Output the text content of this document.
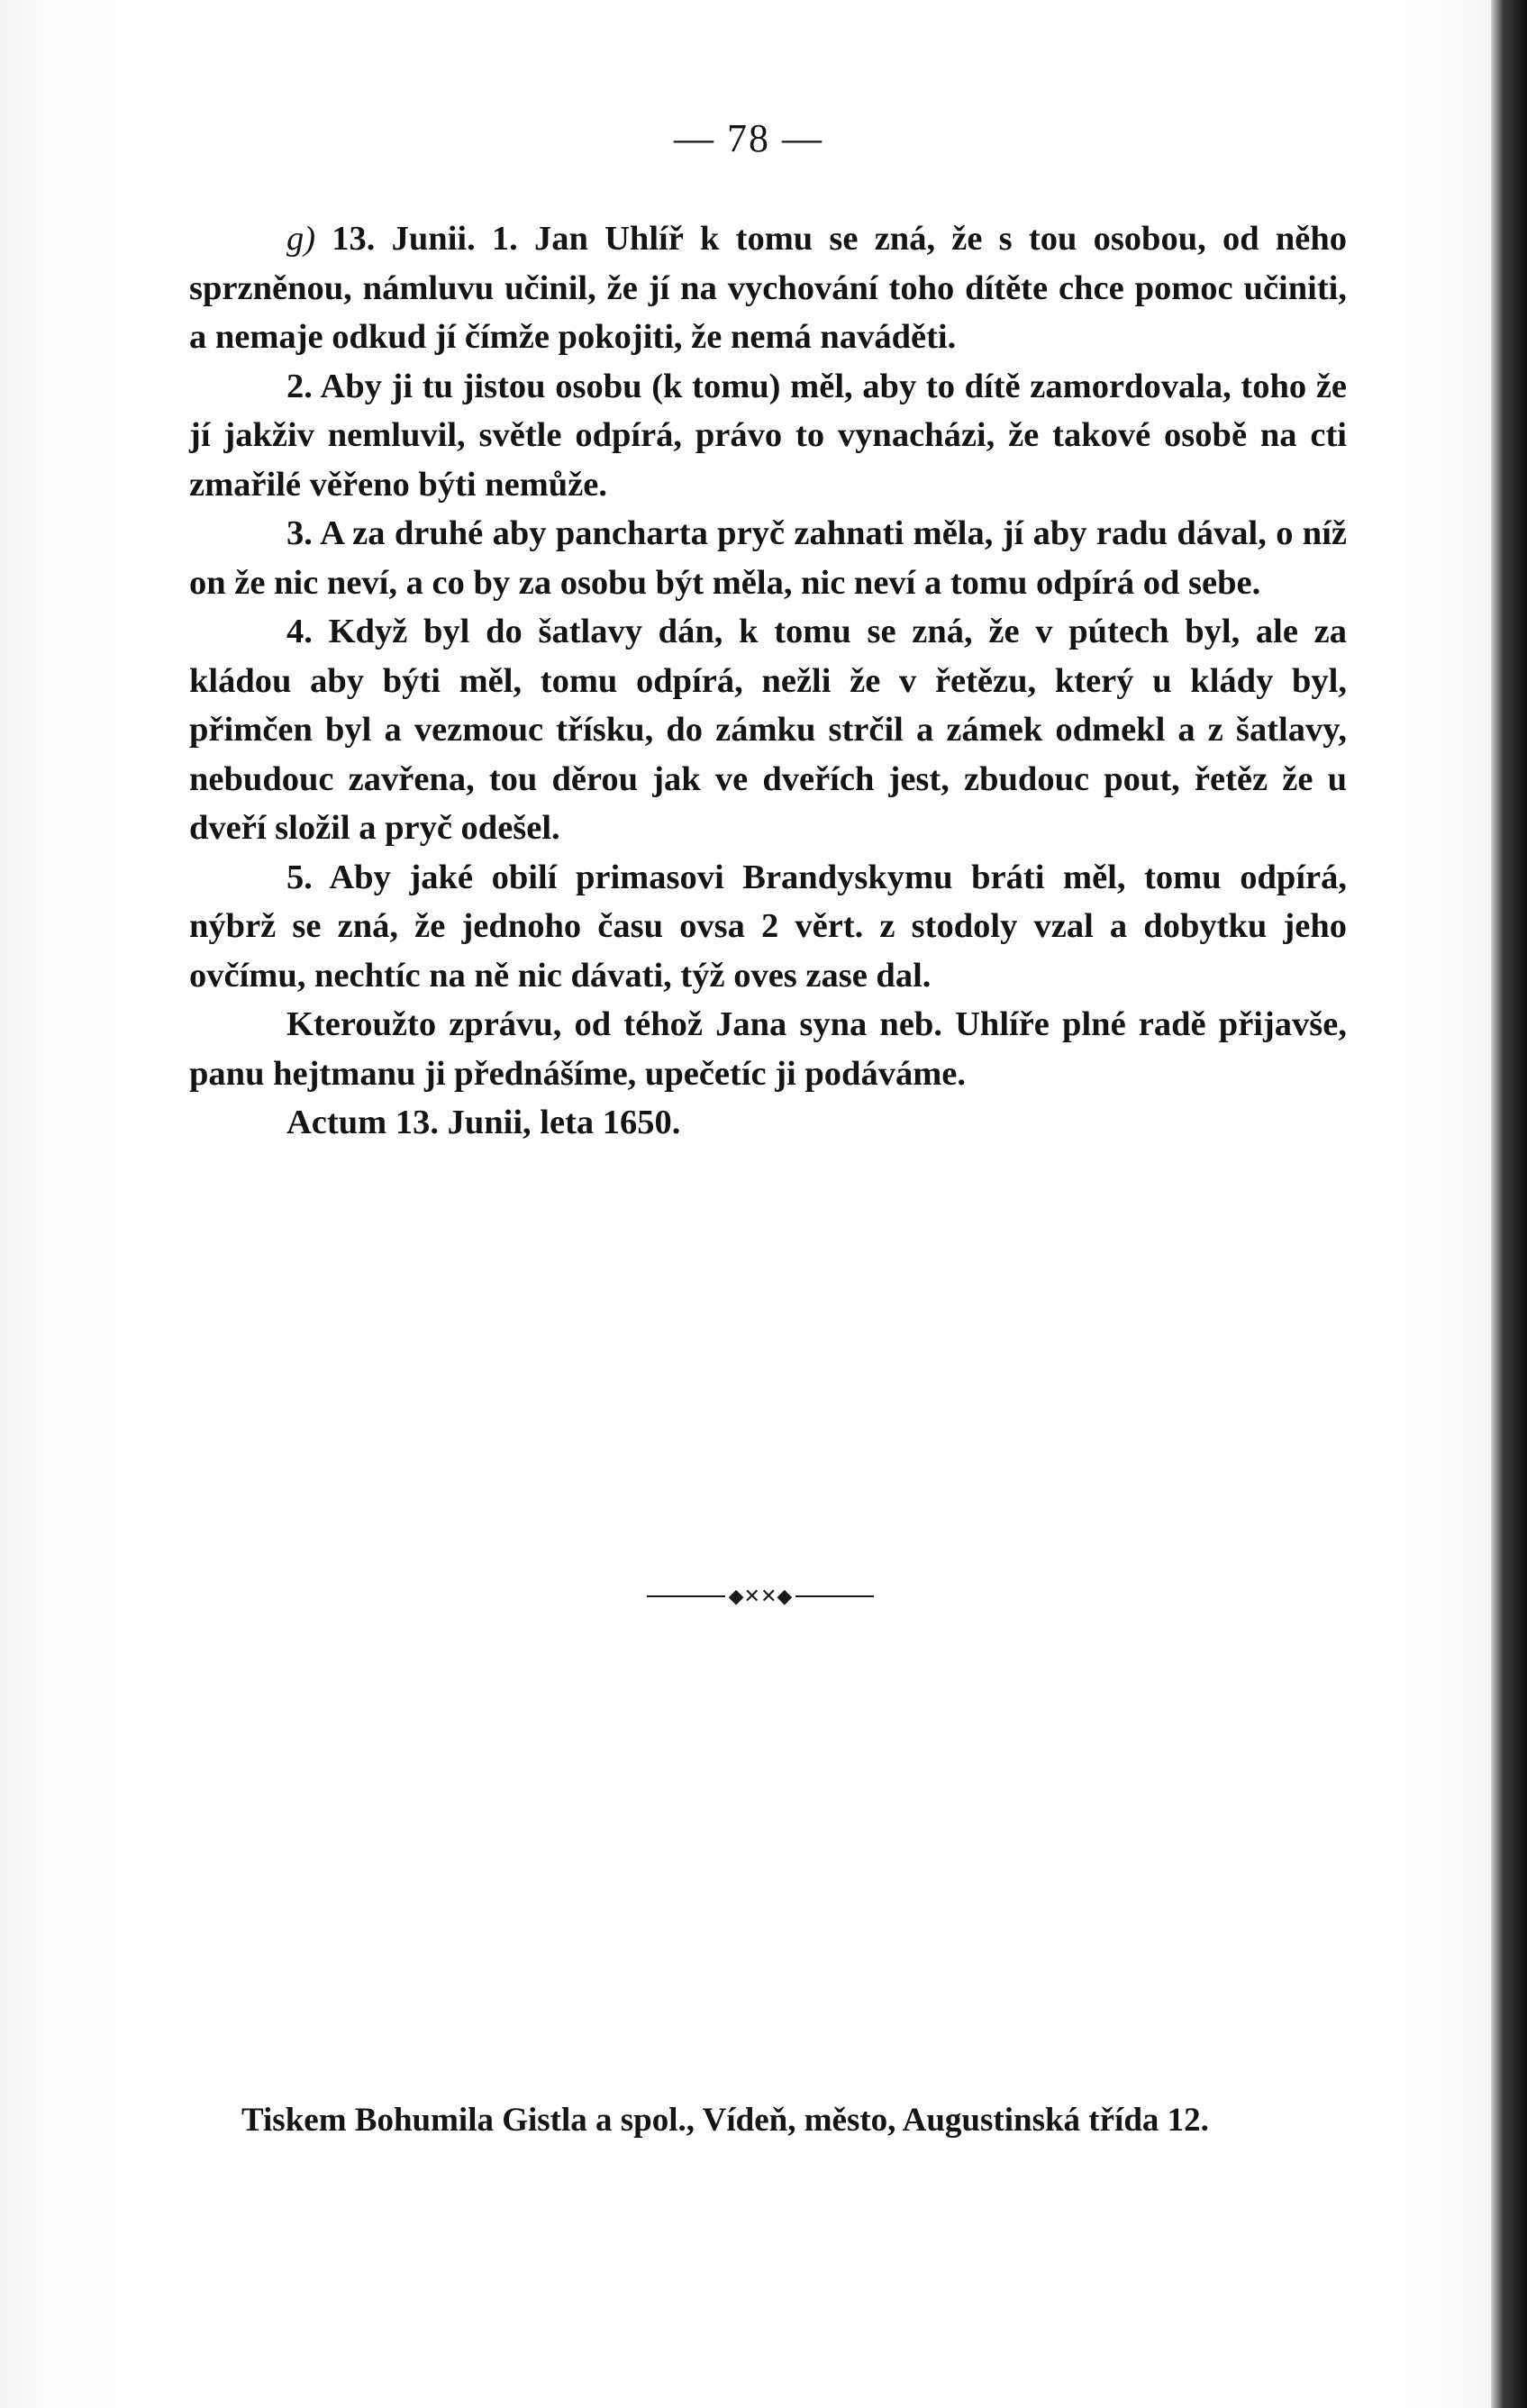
— 78 —

g) 13. Junii. 1. Jan Uhlíř k tomu se zná, že s tou osobou, od něho sprzněnou, námluvu učinil, že jí na vychování toho dítěte chce pomoc učiniti, a nemaje odkud jí čímže pokojiti, že nemá naváděti.

2. Aby ji tu jistou osobu (k tomu) měl, aby to dítě zamordovala, toho že jí jakživ nemluvil, světle odpírá, právo to vynacházi, že takové osobě na cti zmařilé věřeno býti nemůže.

3. A za druhé aby pancharta pryč zahnati měla, jí aby radu dával, o níž on že nic neví, a co by za osobu být měla, nic neví a tomu odpírá od sebe.

4. Když byl do šatlavy dán, k tomu se zná, že v pútech byl, ale za kládou aby býti měl, tomu odpírá, nežli že v řetězu, který u klády byl, přimčen byl a vezmouc třísku, do zámku strčil a zámek odmekl a z šatlavy, nebudouc zavřena, tou děrou jak ve dveřích jest, zbudouc pout, řetěz že u dveří složil a pryč odešel.

5. Aby jaké obilí primasovi Brandyskymu bráti měl, tomu odpírá, nýbrž se zná, že jednoho času ovsa 2 věrt. z stodoly vzal a dobytku jeho ovčímu, nechtíc na ně nic dávati, týž oves zase dal.

Kteroužto zprávu, od téhož Jana syna neb. Uhlíře plné radě přijavše, panu hejtmanu ji přednášíme, upečetíc ji podáváme.

Actum 13. Junii, leta 1650.

◆✕✕◆
Tiskem Bohumila Gistla a spol., Vídeň, město, Augustinská třída 12.
